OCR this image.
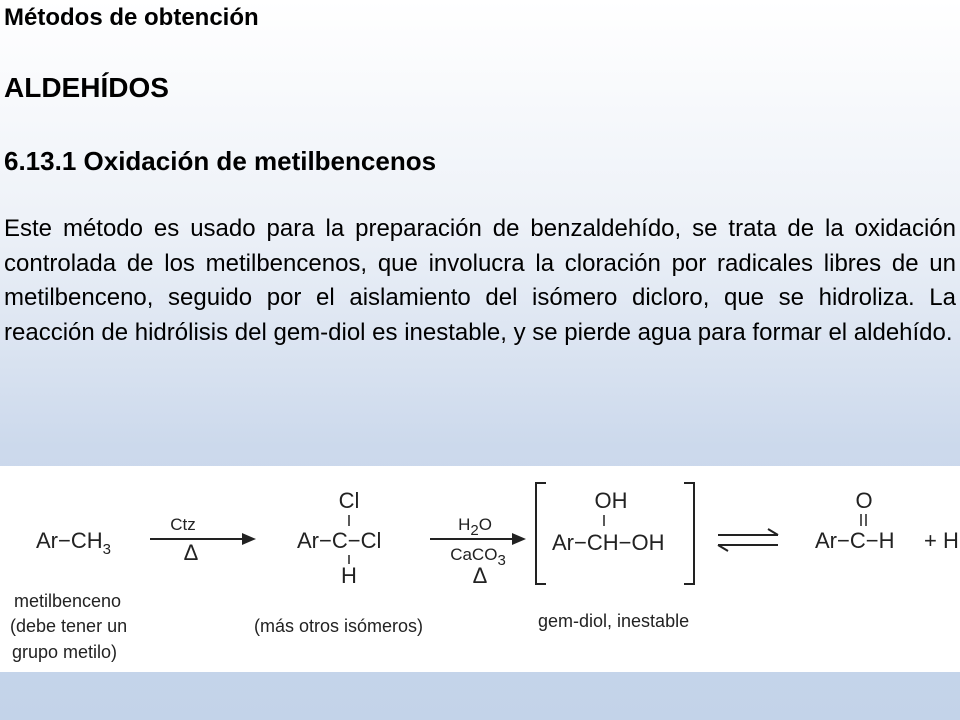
Métodos de obtención
ALDEHÍDOS
6.13.1 Oxidación de metilbencenos

Este método es usado para la preparación de benzaldehído, se trata de la oxidación controlada de los metilbencenos, que involucra la cloración por radicales libres de un metilbenceno, seguido por el aislamiento del isómero dicloro, que se hidroliza. La reacción de hidrólisis del gem-diol es inestable, y se pierde agua para formar el aldehído.

$Ar-CH_3$
Ctz
Δ
Cl
Ar−C−Cl
H
H2O
CaCO3
Δ
OH
Ar−CH−OH
O
Ar−C−H + H
metilbenceno
(debe tener un
grupo metilo)
(más otros isómeros)	gem-diol, inestable
